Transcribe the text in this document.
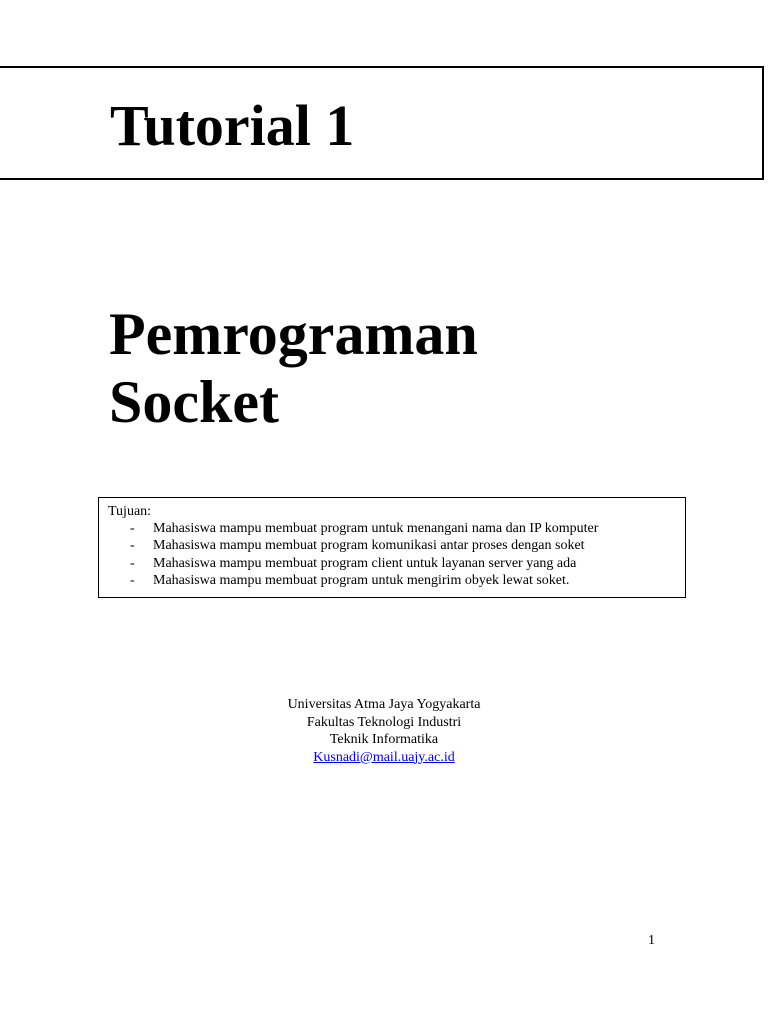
Tutorial 1
Pemrograman
Socket

Tujuan:

- Mahasiswa mampu membuat program untuk menangani nama dan IP komputer
- Mahasiswa mampu membuat program komunikasi antar proses dengan soket
- Mahasiswa mampu membuat program client untuk layanan server yang ada
- Mahasiswa mampu membuat program untuk mengirim obyek lewat soket.
Universitas Atma Jaya Yogyakarta
Fakultas Teknologi Industri
Teknik Informatika
Kusnadi@mail.uajy.ac.id
1
